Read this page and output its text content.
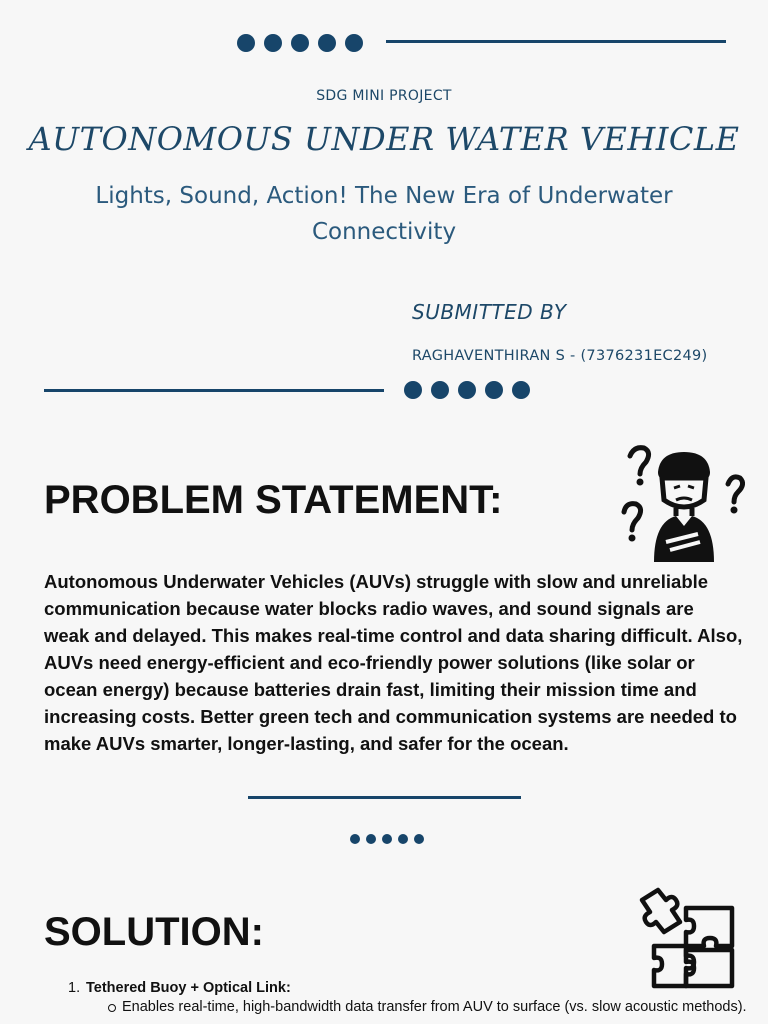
SDG MINI PROJECT
AUTONOMOUS UNDER WATER VEHICLE
Lights, Sound, Action! The New Era of Underwater Connectivity
SUBMITTED BY
RAGHAVENTHIRAN S - (7376231EC249)
PROBLEM STATEMENT:
Autonomous Underwater Vehicles (AUVs) struggle with slow and unreliable communication because water blocks radio waves, and sound signals are weak and delayed. This makes real-time control and data sharing difficult. Also, AUVs need energy-efficient and eco-friendly power solutions (like solar or ocean energy) because batteries drain fast, limiting their mission time and increasing costs. Better green tech and communication systems are needed to make AUVs smarter, longer-lasting, and safer for the ocean.
SOLUTION:
1. Tethered Buoy + Optical Link:
Enables real-time, high-bandwidth data transfer from AUV to surface (vs. slow acoustic methods).
